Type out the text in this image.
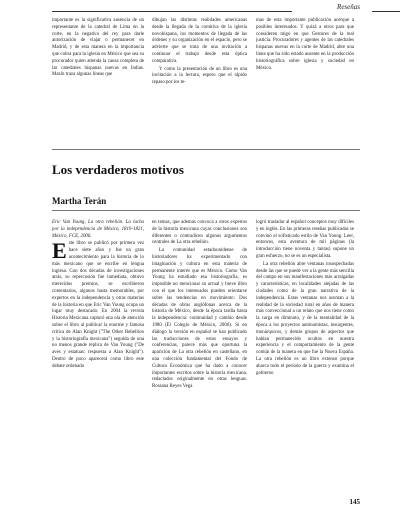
Reseñas

importante es la significativa ausencia de un representante de la catedral de Lima en la corte, en la negativa del rey para darle autorización de viajar o permanecer en Madrid, y de esta manera en la importancia que cobra para la iglesia en México que sea su procurador quien atienda la causa completa de las catedrales hispanas nuevas en Indias. Mazín traza algunas líneas que

dibujan las distintas realidades americanas desde la llegada de la comitiva de la iglesia novohispana, los momentos de llegada de las órdenes y su organización en el espacio, pero se advierte que se trata de una invitación a continuar el trabajo desde esta óptica comparativa.

Y como la presentación de un libro es una invitación a la lectura, espero que el rápido repaso por los te-

mas de esta importante publicación acerque a posibles interesados. Y quizá a otros para que consideren migo en que Gestores de la real justicia. Procuradores y agentes de las catedrales hispanas nuevas en la corte de Madrid, abre una línea que ha sido estado ausente en la producción historiográfica sobre iglesia y sociedad en México.

Los verdaderos motivos
Martha Terán

Eric Van Young, La otra rebelión. La lucha por la independencia de México, 1810-1821, México, FCE, 2006.

Este libro se publicó por primera vez hace siete años y fue un gran acontecimiento para la historia de lo más mexicano que se escribe en lengua inglesa. Con dos décadas de investigaciones atrás, su repercusión fue inmediata, obtuvo merecidos premios, se escribieron comentarios, algunos hasta memorables, por expertos en la independencia y otras materias de la historia en que Eric Van Young ocupa un lugar muy destacado. En 2004 la revista Historia Mexicana capturó una ola de atención sobre el libro al publicar la enorme y famosa crítica de Alan Knight ("The Other Rebellion y la historiografía mexicana") seguida de una no menos grande réplica de Van Young ("De aves y estatuas: respuesta a Alan Knight"). Dentro de poco aparecerá como libro este debate ordenado

en temas, que además convoca a otros expertos de la historia mexicana cuyas conclusiones son diferentes o contradicen algunos argumentos centrales de La otra rebelión.

La comunidad estadounidense de historiadores ha experimentado con imaginación y cultura en esta materia de permanente interés que es México. Como Van Young ha estudiado esa historiografía, es imposible no mencionar su actual y breve libro con el que los interesados pueden orientarse sobre las tendencias en movimiento: Dos décadas de obras anglófonas acerca de la historia de México, desde la época tardía hasta la independencia: continuidad y cambio desde 1980 (El Colegio de México, 2006). Si en diálogo la versión en español se han publicado las traducciones de estos ensayos y conferencias, parece más que oportuna la aparición de La otra rebelión en castellano, en una colección fundamental del Fondo de Cultura Económica que ha dado a conocer importantes escritos sobre la historia mexicana, redactados originalmente en otras lenguas. Rossana Reyes Vega

logró trasladar al español conceptos muy difíciles y en inglés. En las primeras reseñas publicadas se convinó el sofisticado estilo de Van Young. Leer, entonces, esta aventura de mil páginas (la introducción tiene noventa y tantas) supone un gran esfuerzo, no se es un especialista.

La otra rebelión abre ventanas insospechadas desde las que se puede ver a la gente más sencilla del campo en sus manifestaciones más arraigadas y características, en localidades alejadas de las ciudades como de la gran narrativa de la independencia. Estas ventanas nos asoman a la realidad de la sociedad rural en años de manera más conveccional a un relato que nos tiene como la carga en diminuto, y de la mentalidad de la época a los proyectos autónomistas, insurgentes, monárquicos, y demás grupos de aspectos que habían permanecido ocultos en nuestra experiencia y el comportamiento de la gente común de la manera en que fue la Nueva España. La otra rebelión es un libro extenso porque abarca todo el período de la guerra y examina el gobierno

145
